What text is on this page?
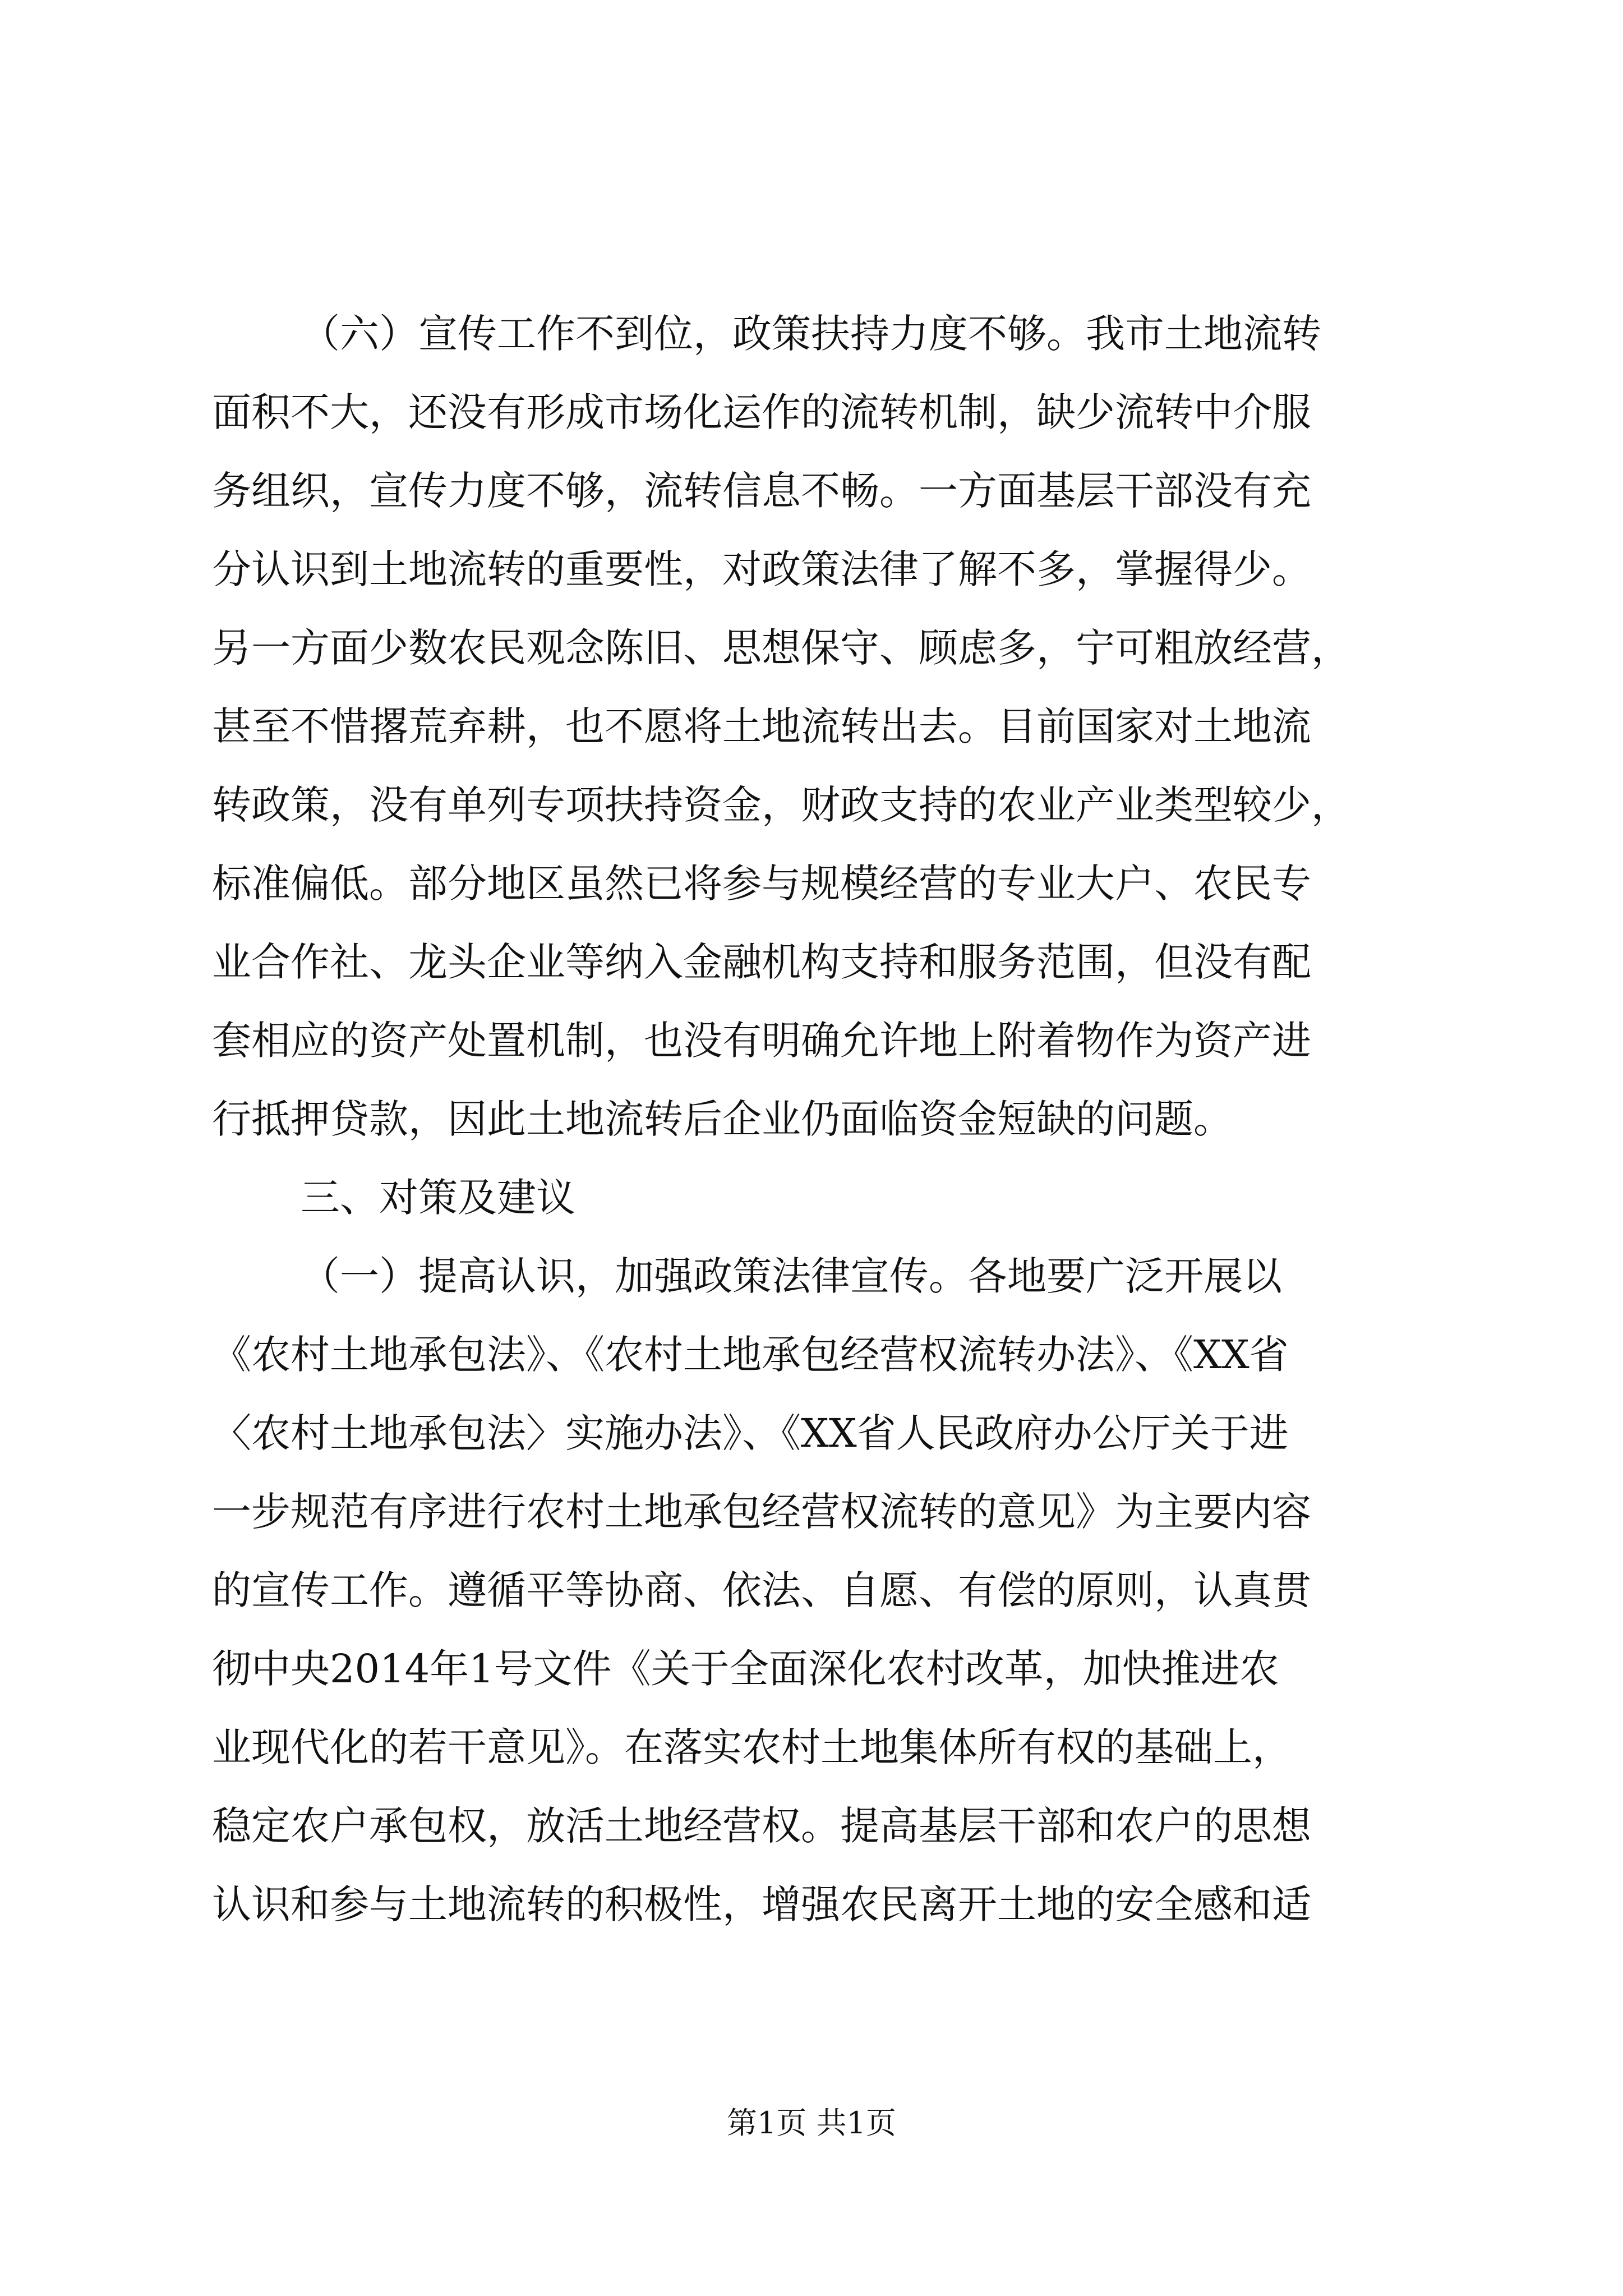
（六）宣传工作不到位，政策扶持力度不够。我市土地流转
面积不大，还没有形成市场化运作的流转机制，缺少流转中介服
务组织，宣传力度不够，流转信息不畅。一方面基层干部没有充
分认识到土地流转的重要性，对政策法律了解不多，掌握得少。
另一方面少数农民观念陈旧、思想保守、顾虑多，宁可粗放经营，
甚至不惜撂荒弃耕，也不愿将土地流转出去。目前国家对土地流
转政策，没有单列专项扶持资金，财政支持的农业产业类型较少，
标准偏低。部分地区虽然已将参与规模经营的专业大户、农民专
业合作社、龙头企业等纳入金融机构支持和服务范围，但没有配
套相应的资产处置机制，也没有明确允许地上附着物作为资产进
行抵押贷款，因此土地流转后企业仍面临资金短缺的问题。
三、对策及建议
（一）提高认识，加强政策法律宣传。各地要广泛开展以
《农村土地承包法》、《农村土地承包经营权流转办法》、《XX省
〈农村土地承包法〉实施办法》、《XX省人民政府办公厅关于进
一步规范有序进行农村土地承包经营权流转的意见》为主要内容
的宣传工作。遵循平等协商、依法、自愿、有偿的原则，认真贯
彻中央2014年1号文件《关于全面深化农村改革，加快推进农
业现代化的若干意见》。在落实农村土地集体所有权的基础上，
稳定农户承包权，放活土地经营权。提高基层干部和农户的思想
认识和参与土地流转的积极性，增强农民离开土地的安全感和适
第1页 共1页
